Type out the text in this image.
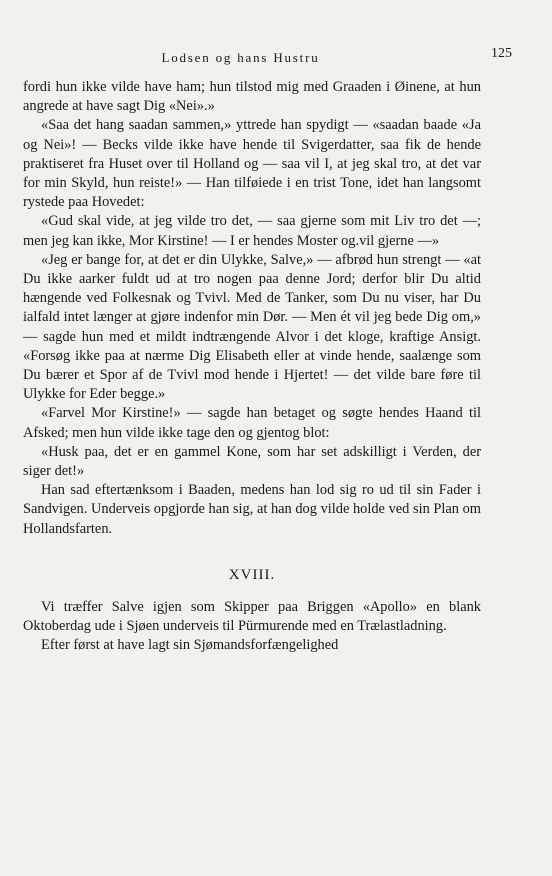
Lodsen og hans Hustru	125

fordi hun ikke vilde have ham; hun tilstod mig med Graaden i Øinene, at hun angrede at have sagt Dig «Nei».»

«Saa det hang saadan sammen,» yttrede han spydigt — «saadan baade «Ja og Nei»! — Becks vilde ikke have hende til Svigerdatter, saa fik de hende praktiseret fra Huset over til Holland og — saa vil I, at jeg skal tro, at det var for min Skyld, hun reiste!» — Han tilføiede i en trist Tone, idet han langsomt rystede paa Hovedet:

«Gud skal vide, at jeg vilde tro det, — saa gjerne som mit Liv tro det —; men jeg kan ikke, Mor Kirstine! — I er hendes Moster og.vil gjerne —»

«Jeg er bange for, at det er din Ulykke, Salve,» — afbrød hun strengt — «at Du ikke aarker fuldt ud at tro nogen paa denne Jord; derfor blir Du altid hængende ved Folkesnak og Tvivl. Med de Tanker, som Du nu viser, har Du ialfald intet længer at gjøre indenfor min Dør. — Men ét vil jeg bede Dig om,» — sagde hun med et mildt indtrængende Alvor i det kloge, kraftige Ansigt. «Forsøg ikke paa at nærme Dig Elisabeth eller at vinde hende, saalænge som Du bærer et Spor af de Tvivl mod hende i Hjertet! — det vilde bare føre til Ulykke for Eder begge.»

«Farvel Mor Kirstine!» — sagde han betaget og søgte hendes Haand til Afsked; men hun vilde ikke tage den og gjentog blot:

«Husk paa, det er en gammel Kone, som har set adskilligt i Verden, der siger det!»

Han sad eftertænksom i Baaden, medens han lod sig ro ud til sin Fader i Sandvigen. Underveis opgjorde han sig, at han dog vilde holde ved sin Plan om Hollandsfarten.

XVIII.

Vi træffer Salve igjen som Skipper paa Briggen «Apollo» en blank Oktoberdag ude i Sjøen underveis til Pürmurende med en Trælastladning.

Efter først at have lagt sin Sjømandsforfængelighed
